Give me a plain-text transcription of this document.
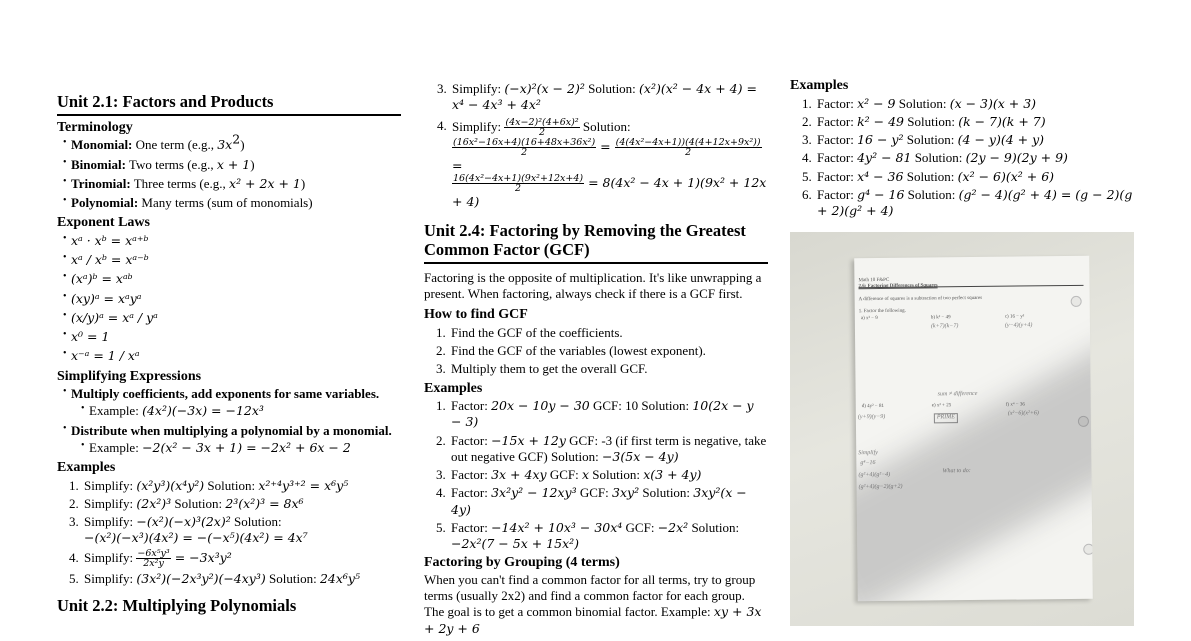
Unit 2.1: Factors and Products
Terminology
• Monomial: One term (e.g., $3x^2$)
• Binomial: Two terms (e.g., x + 1)
• Trinomial: Three terms (e.g., x² + 2x + 1)
• Polynomial: Many terms (sum of monomials)
Exponent Laws
• xᵃ · xᵇ = xᵃ⁺ᵇ
• xᵃ / xᵇ = xᵃ⁻ᵇ
• (xᵃ)ᵇ = xᵃᵇ
• (xy)ᵃ = xᵃyᵃ
• (x/y)ᵃ = xᵃ / yᵃ
• x⁰ = 1
• x⁻ᵃ = 1 / xᵃ
Simplifying Expressions
• Multiply coefficients, add exponents for same variables.
• Example: (4x²)(−3x) = −12x³
• Distribute when multiplying a polynomial by a monomial.
• Example: −2(x² − 3x + 1) = −2x² + 6x − 2
Examples
1. Simplify: (x²y³)(x⁴y²) Solution: x²⁺⁴y³⁺² = x⁶y⁵
2. Simplify: (2x²)³ Solution: 2³(x²)³ = 8x⁶
3. Simplify: −(x²)(−x)³(2x)² Solution:
−(x²)(−x³)(4x²) = −(−x⁵)(4x²) = 4x⁷
4. Simplify: $\frac{\text{−6x⁵y³}}{\text{2x²y}} = -3x^3y^2$
5. Simplify: (3x²)(−2x³y²)(−4xy³) Solution: 24x⁶y⁵
Unit 2.2: Multiplying Polynomials
3. Simplify: (−x)²(x − 2)² Solution: (x²)(x² − 4x + 4) = x⁴ − 4x³ + 4x²
4. Simplify: $\frac{\text{(4x−2)²(4+6x)²}}{2}$ Solution:

$\frac{\text{(16x²−16x+4)(16+48x+36x²)}}{2} = \frac{\text{(4(4x²−4x+1))(4(4+12x+9x²))}}{2}$
=

$\frac{\text{16(4x²−4x+1)(9x²+12x+4)}}{2} = 8(4x^2 - 4x + 1)(9x^2 + 12x + 4)$
Unit 2.4: Factoring by Removing the Greatest Common Factor (GCF)

Factoring is the opposite of multiplication. It's like unwrapping a present. When factoring, always check if there is a GCF first.

How to find GCF
1. Find the GCF of the coefficients.
2. Find the GCF of the variables (lowest exponent).
3. Multiply them to get the overall GCF.
Examples
1. Factor: 20x − 10y − 30 GCF: 10 Solution: 10(2x − y − 3)
2. Factor: −15x + 12y GCF: -3 (if first term is negative, take out negative GCF) Solution: −3(5x − 4y)
3. Factor: 3x + 4xy GCF: x Solution: x(3 + 4y)
4. Factor: 3x²y² − 12xy³ GCF: 3xy² Solution: 3xy²(x − 4y)
5. Factor: −14x² + 10x³ − 30x⁴ GCF: −2x² Solution: −2x²(7 − 5x + 15x²)
Factoring by Grouping (4 terms)

When you can't find a common factor for all terms, try to group terms (usually 2x2) and find a common factor for each group. The goal is to get a common binomial factor. Example: xy + 3x + 2y + 6

Examples
1. Factor: x² − 9 Solution: (x − 3)(x + 3)
2. Factor: k² − 49 Solution: (k − 7)(k + 7)
3. Factor: 16 − y² Solution: (4 − y)(4 + y)
4. Factor: 4y² − 81 Solution: (2y − 9)(2y + 9)
5. Factor: x⁴ − 36 Solution: (x² − 6)(x² + 6)
6. Factor: g⁴ − 16 Solution: (g² − 4)(g² + 4) = (g − 2)(g + 2)(g² + 4)
Math 10 F&PC
2.6: Factoring Differences of Squares
A difference of squares is a subtraction of two perfect squares
1. Factor the following.
a) x² − 9	b) k² − 49	c) 16 − y²
(k+7)(k−7)	(y−4)(y+4)
sum ≠ difference
d) 4y² − 81	e) x² + 25	f) x⁴ − 36
(y+9)(y−9)	PRIME
(x²−6)(x²+6)
Simplify
g⁴−16
(g²+4)(g²−4)
(g²+4)(g−2)(g+2)
What to do:
